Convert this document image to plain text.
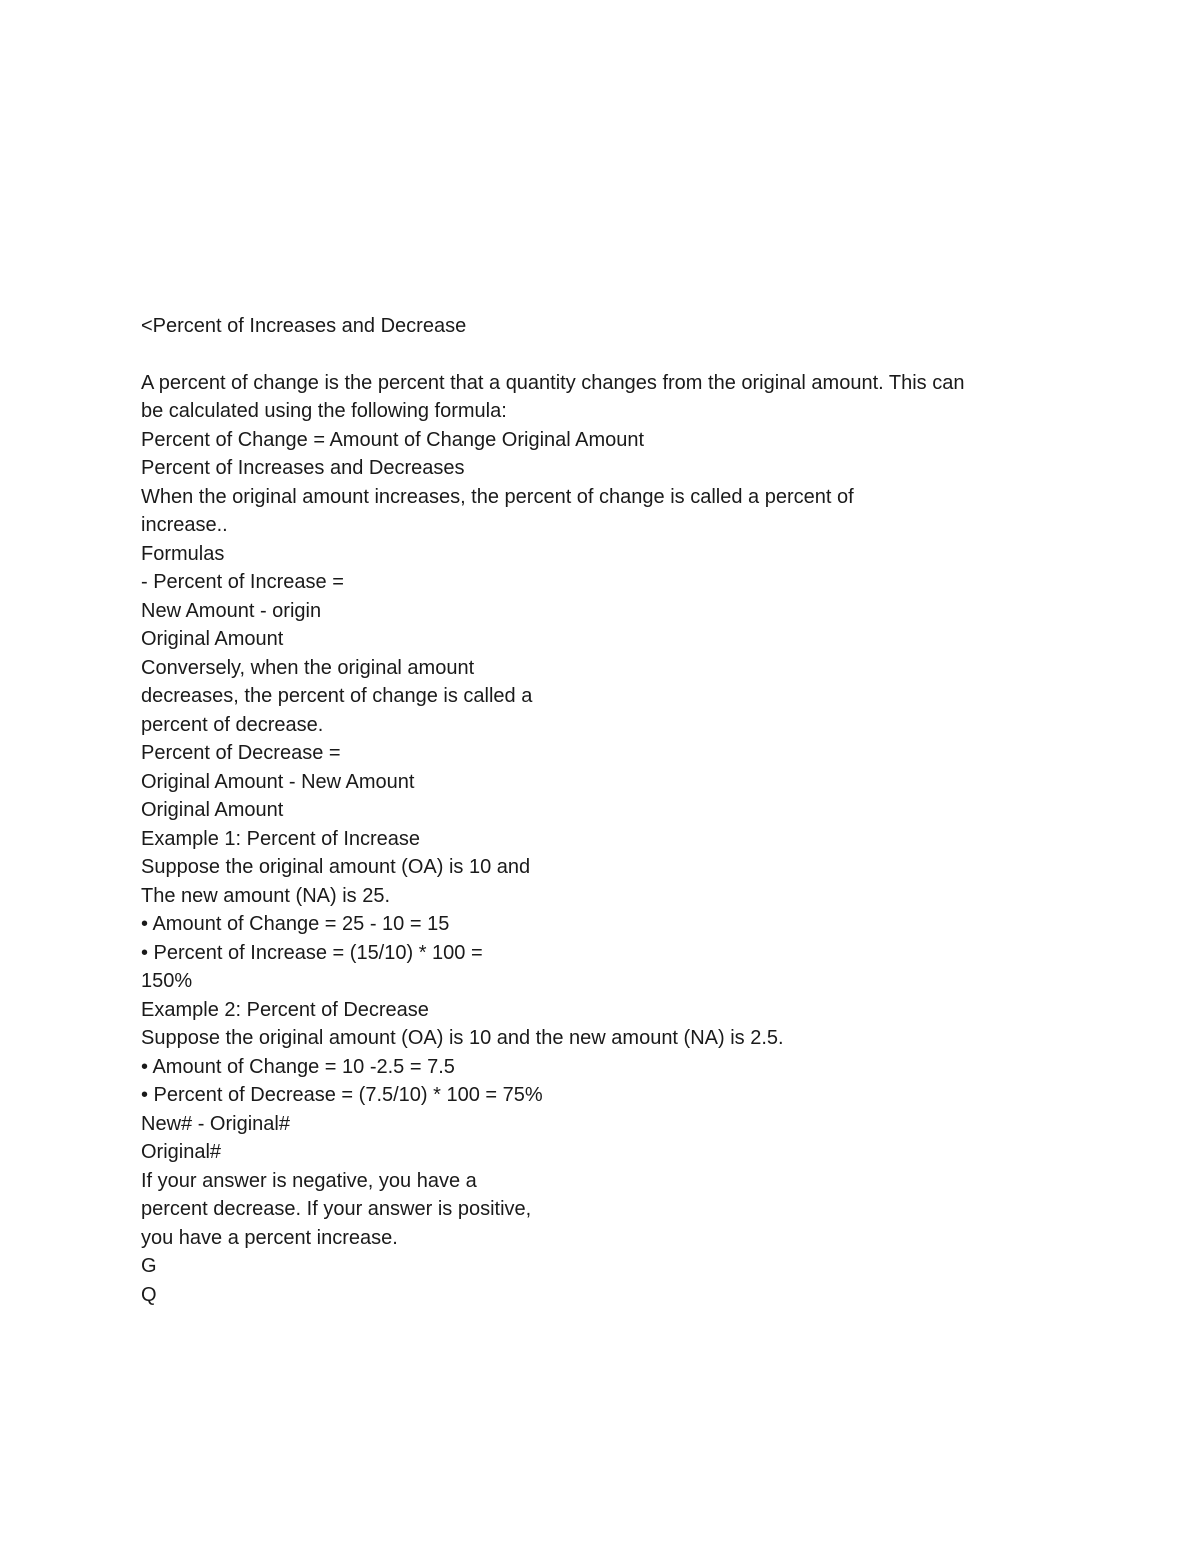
<Percent of Increases and Decrease
A percent of change is the percent that a quantity changes from the original amount. This can
be calculated using the following formula:
Percent of Change = Amount of Change Original Amount
Percent of Increases and Decreases
When the original amount increases, the percent of change is called a percent of
increase..
Formulas
- Percent of Increase =
New Amount - origin
Original Amount
Conversely, when the original amount
decreases, the percent of change is called a
percent of decrease.
Percent of Decrease =
Original Amount - New Amount
Original Amount
Example 1: Percent of Increase
Suppose the original amount (OA) is 10 and
The new amount (NA) is 25.
• Amount of Change = 25 - 10 = 15
• Percent of Increase = (15/10) * 100 =
150%
Example 2: Percent of Decrease
Suppose the original amount (OA) is 10 and the new amount (NA) is 2.5.
• Amount of Change = 10 -2.5 = 7.5
• Percent of Decrease = (7.5/10) * 100 = 75%
New# - Original#
Original#
If your answer is negative, you have a
percent decrease. If your answer is positive,
you have a percent increase.
G
Q
